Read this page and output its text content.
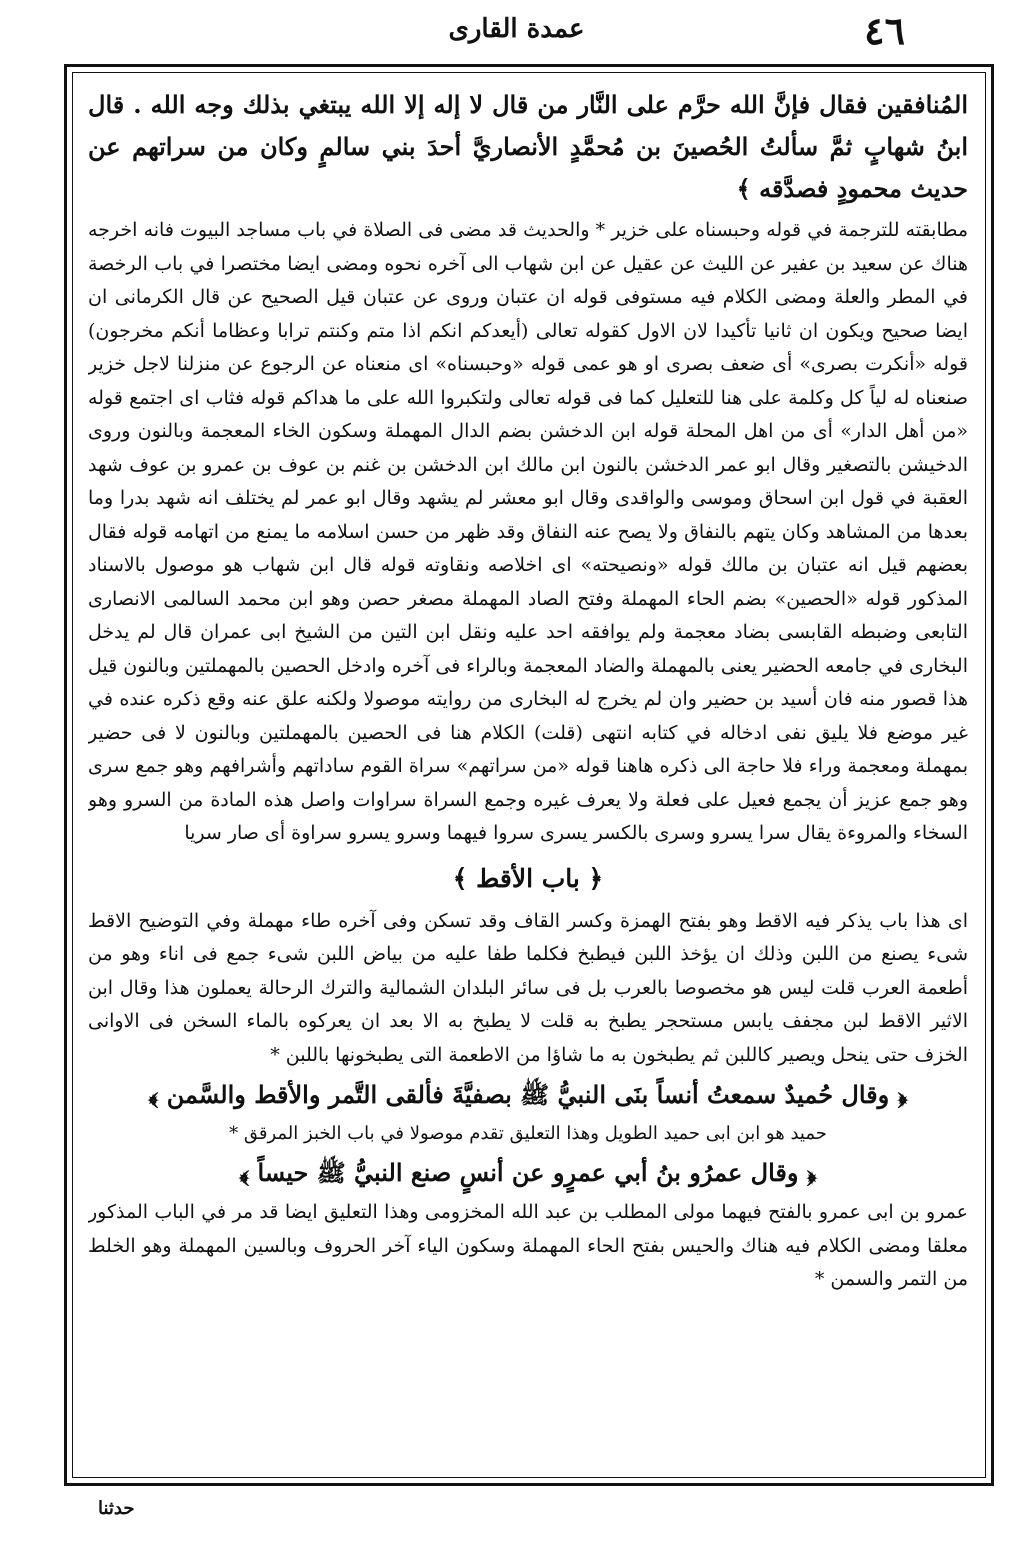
٤٦
عمدة القارى

المُنافقين فقال فإنَّ الله حرَّم على النَّار من قال لا إله إلا الله يبتغي بذلك وجه الله . قال ابنُ شهابٍ ثمَّ سألتُ الحُصينَ بن مُحمَّدٍ الأنصاريَّ أحدَ بني سالمٍ وكان من سراتهم عن حديث محمودٍ فصدَّقه ﴾

مطابقته للترجمة في قوله وحبسناه على خزير * والحديث قد مضى فى الصلاة في باب مساجد البيوت فانه اخرجه هناك عن سعيد بن عفير عن الليث عن عقيل عن ابن شهاب الى آخره نحوه ومضى ايضا مختصرا في باب الرخصة في المطر والعلة ومضى الكلام فيه مستوفى قوله ان عتبان وروى عن عتبان قيل الصحيح عن قال الكرمانى ان ايضا صحيح ويكون ان ثانيا تأكيدا لان الاول كقوله تعالى (أيعدكم انكم اذا متم وكنتم ترابا وعظاما أنكم مخرجون) قوله «أنكرت بصرى» أى ضعف بصرى او هو عمى قوله «وحبسناه» اى منعناه عن الرجوع عن منزلنا لاجل خزير صنعناه له لياً كل وكلمة على هنا للتعليل كما فى قوله تعالى ولتكبروا الله على ما هداكم قوله فثاب اى اجتمع قوله «من أهل الدار» أى من اهل المحلة قوله ابن الدخشن بضم الدال المهملة وسكون الخاء المعجمة وبالنون وروى الدخيشن بالتصغير وقال ابو عمر الدخشن بالنون ابن مالك ابن الدخشن بن غنم بن عوف بن عمرو بن عوف شهد العقبة في قول ابن اسحاق وموسى والواقدى وقال ابو معشر لم يشهد وقال ابو عمر لم يختلف انه شهد بدرا وما بعدها من المشاهد وكان يتهم بالنفاق ولا يصح عنه النفاق وقد ظهر من حسن اسلامه ما يمنع من اتهامه قوله فقال بعضهم قيل انه عتبان بن مالك قوله «ونصيحته» اى اخلاصه ونقاوته قوله قال ابن شهاب هو موصول بالاسناد المذكور قوله «الحصين» بضم الحاء المهملة وفتح الصاد المهملة مصغر حصن وهو ابن محمد السالمى الانصارى التابعى وضبطه القابسى بضاد معجمة ولم يوافقه احد عليه ونقل ابن التين من الشيخ ابى عمران قال لم يدخل البخارى في جامعه الحضير يعنى بالمهملة والضاد المعجمة وبالراء فى آخره وادخل الحصين بالمهملتين وبالنون قيل هذا قصور منه فان أسيد بن حضير وان لم يخرج له البخارى من روايته موصولا ولكنه علق عنه وقع ذكره عنده في غير موضع فلا يليق نفى ادخاله في كتابه انتهى (قلت) الكلام هنا فى الحصين بالمهملتين وبالنون لا فى حضير بمهملة ومعجمة وراء فلا حاجة الى ذكره هاهنا قوله «من سراتهم» سراة القوم ساداتهم وأشرافهم وهو جمع سرى وهو جمع عزيز أن يجمع فعيل على فعلة ولا يعرف غيره وجمع السراة سراوات واصل هذه المادة من السرو وهو السخاء والمروءة يقال سرا يسرو وسرى بالكسر يسرى سروا فيهما وسرو يسرو سراوة أى صار سريا

﴿ باب الأقط ﴾

اى هذا باب يذكر فيه الاقط وهو بفتح الهمزة وكسر القاف وقد تسكن وفى آخره طاء مهملة وفي التوضيح الاقط شىء يصنع من اللبن وذلك ان يؤخذ اللبن فيطبخ فكلما طفا عليه من بياض اللبن شىء جمع فى اناء وهو من أطعمة العرب قلت ليس هو مخصوصا بالعرب بل فى سائر البلدان الشمالية والترك الرحالة يعملون هذا وقال ابن الاثير الاقط لبن مجفف يابس مستحجر يطبخ به قلت لا يطبخ به الا بعد ان يعركوه بالماء السخن فى الاوانى الخزف حتى ينحل ويصير كاللبن ثم يطبخون به ما شاؤا من الاطعمة التى يطبخونها باللبن *

﴿ وقال حُميدٌ سمعتُ أنساً بنَى النبيُّ ﷺ بصفيَّةَ فألقى التَّمر والأقط والسَّمن ﴾
حميد هو ابن ابى حميد الطويل وهذا التعليق تقدم موصولا في باب الخبز المرقق *
﴿ وقال عمرُو بنُ أبي عمرٍو عن أنسٍ صنع النبيُّ ﷺ حيساً ﴾

عمرو بن ابى عمرو بالفتح فيهما مولى المطلب بن عبد الله المخزومى وهذا التعليق ايضا قد مر في الباب المذكور معلقا ومضى الكلام فيه هناك والحيس بفتح الحاء المهملة وسكون الياء آخر الحروف وبالسين المهملة وهو الخلط من التمر والسمن *

حدثنا
